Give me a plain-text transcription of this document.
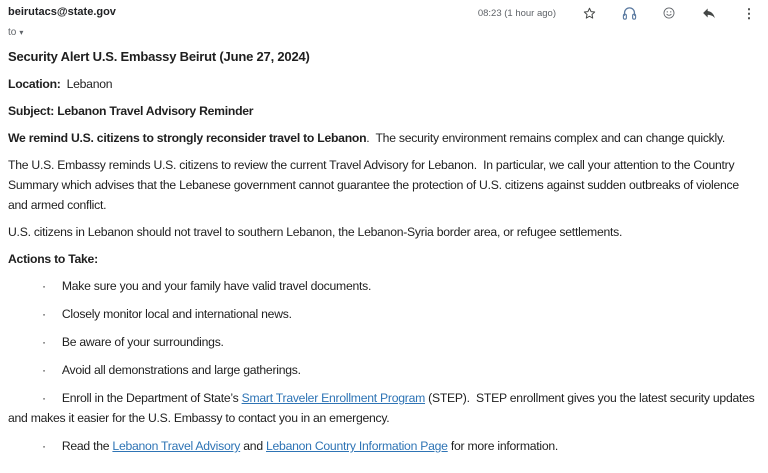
beirutacs@state.gov	08:23 (1 hour ago)	⋮
to ▾
Security Alert U.S. Embassy Beirut (June 27, 2024)
Location: Lebanon
Subject: Lebanon Travel Advisory Reminder
We remind U.S. citizens to strongly reconsider travel to Lebanon.  The security environment remains complex and can change quickly.
The U.S. Embassy reminds U.S. citizens to review the current Travel Advisory for Lebanon.  In particular, we call your attention to the Country Summary which advises that the Lebanese government cannot guarantee the protection of U.S. citizens against sudden outbreaks of violence and armed conflict.
U.S. citizens in Lebanon should not travel to southern Lebanon, the Lebanon-Syria border area, or refugee settlements.
Actions to Take:
· Make sure you and your family have valid travel documents.
· Closely monitor local and international news.
· Be aware of your surroundings.
· Avoid all demonstrations and large gatherings.
· Enroll in the Department of State’s Smart Traveler Enrollment Program (STEP).  STEP enrollment gives you the latest security updates and makes it easier for the U.S. Embassy to contact you in an emergency.
· Read the Lebanon Travel Advisory and Lebanon Country Information Page for more information.
